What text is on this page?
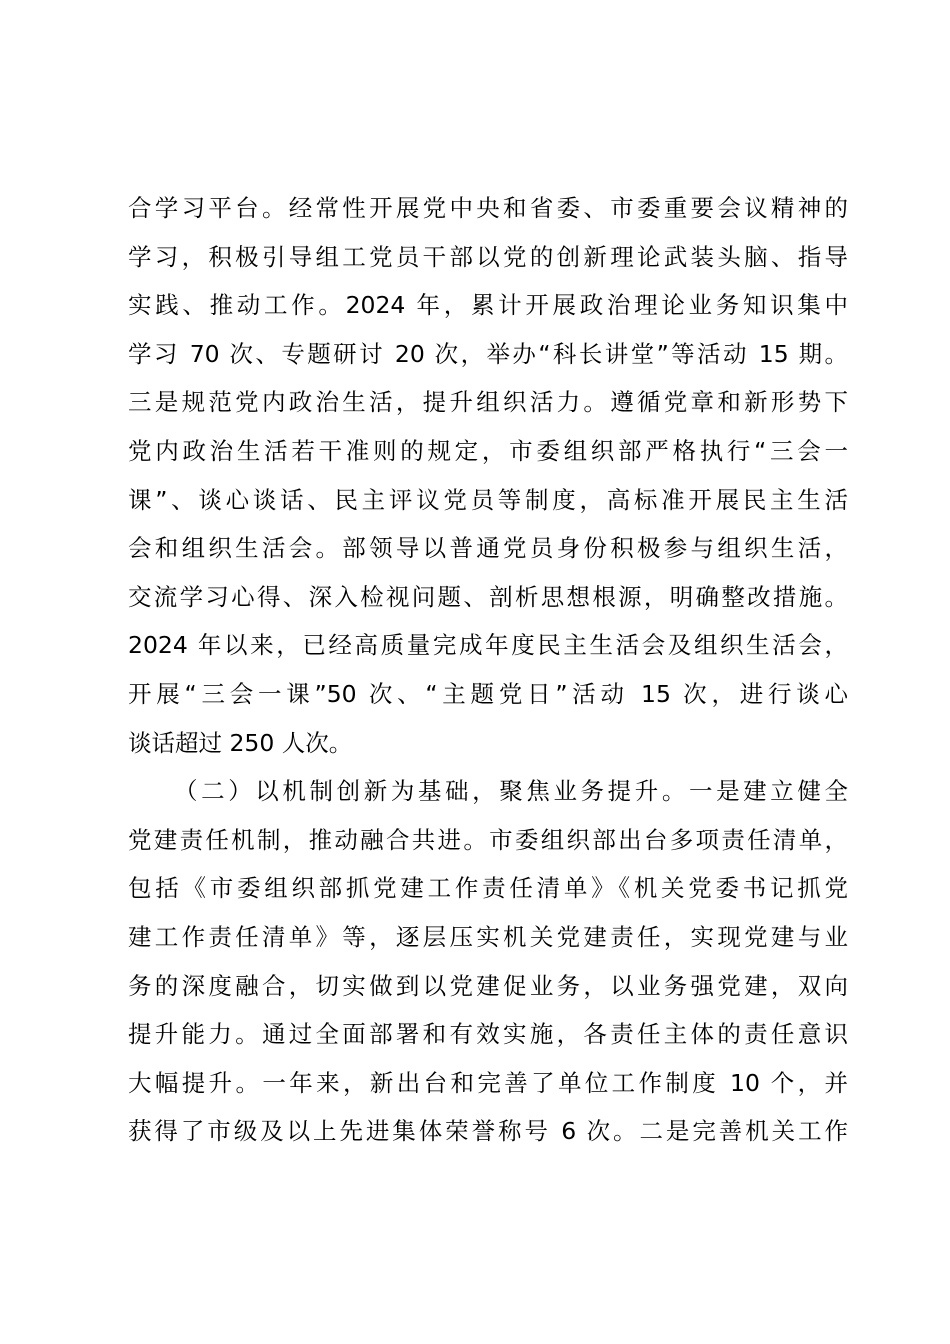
合学习平台。经常性开展党中央和省委、市委重要会议精神的
学习，积极引导组工党员干部以党的创新理论武装头脑、指导
实践、推动工作。2024 年，累计开展政治理论业务知识集中
学习 70 次、专题研讨 20 次，举办“科长讲堂”等活动 15 期。
三是规范党内政治生活，提升组织活力。遵循党章和新形势下
党内政治生活若干准则的规定，市委组织部严格执行“三会一
课”、谈心谈话、民主评议党员等制度，高标准开展民主生活
会和组织生活会。部领导以普通党员身份积极参与组织生活，
交流学习心得、深入检视问题、剖析思想根源，明确整改措施。
2024 年以来，已经高质量完成年度民主生活会及组织生活会，
开展“三会一课”50 次、“主题党日”活动 15 次，进行谈心
谈话超过 250 人次。
（二）以机制创新为基础，聚焦业务提升。一是建立健全
党建责任机制，推动融合共进。市委组织部出台多项责任清单，
包括《市委组织部抓党建工作责任清单》《机关党委书记抓党
建工作责任清单》等，逐层压实机关党建责任，实现党建与业
务的深度融合，切实做到以党建促业务，以业务强党建，双向
提升能力。通过全面部署和有效实施，各责任主体的责任意识
大幅提升。一年来，新出台和完善了单位工作制度 10 个，并
获得了市级及以上先进集体荣誉称号 6 次。二是完善机关工作
